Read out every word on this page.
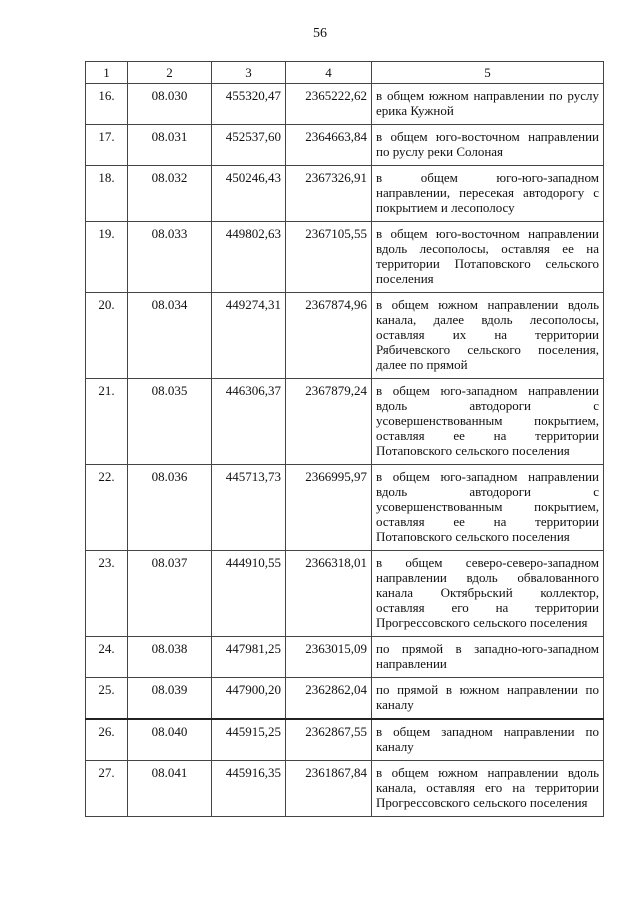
56
1	2	3	4	5
16.	08.030	455320,47	2365222,62	в общем южном направлении по руслу ерика Кужной
17.	08.031	452537,60	2364663,84	в общем юго-восточном направлении по руслу реки Солоная
18.	08.032	450246,43	2367326,91	в общем юго-юго-западном направлении, пересекая автодорогу с покрытием и лесополосу
19.	08.033	449802,63	2367105,55	в общем юго-восточном направлении вдоль лесополосы, оставляя ее на территории Потаповского сельского поселения
20.	08.034	449274,31	2367874,96	в общем южном направлении вдоль канала, далее вдоль лесополосы, оставляя их на территории Рябичевского сельского поселения, далее по прямой
21.	08.035	446306,37	2367879,24	в общем юго-западном направлении вдоль автодороги с усовершенствованным покрытием, оставляя ее на территории Потаповского сельского поселения
22.	08.036	445713,73	2366995,97	в общем юго-западном направлении вдоль автодороги с усовершенствованным покрытием, оставляя ее на территории Потаповского сельского поселения
23.	08.037	444910,55	2366318,01	в общем северо-северо-западном направлении вдоль обвалованного канала Октябрьский коллектор, оставляя его на территории Прогрессовского сельского поселения
24.	08.038	447981,25	2363015,09	по прямой в западно-юго-западном направлении
25.	08.039	447900,20	2362862,04	по прямой в южном направлении по каналу
26.	08.040	445915,25	2362867,55	в общем западном направлении по каналу
27.	08.041	445916,35	2361867,84	в общем южном направлении вдоль канала, оставляя его на территории Прогрессовского сельского поселения
